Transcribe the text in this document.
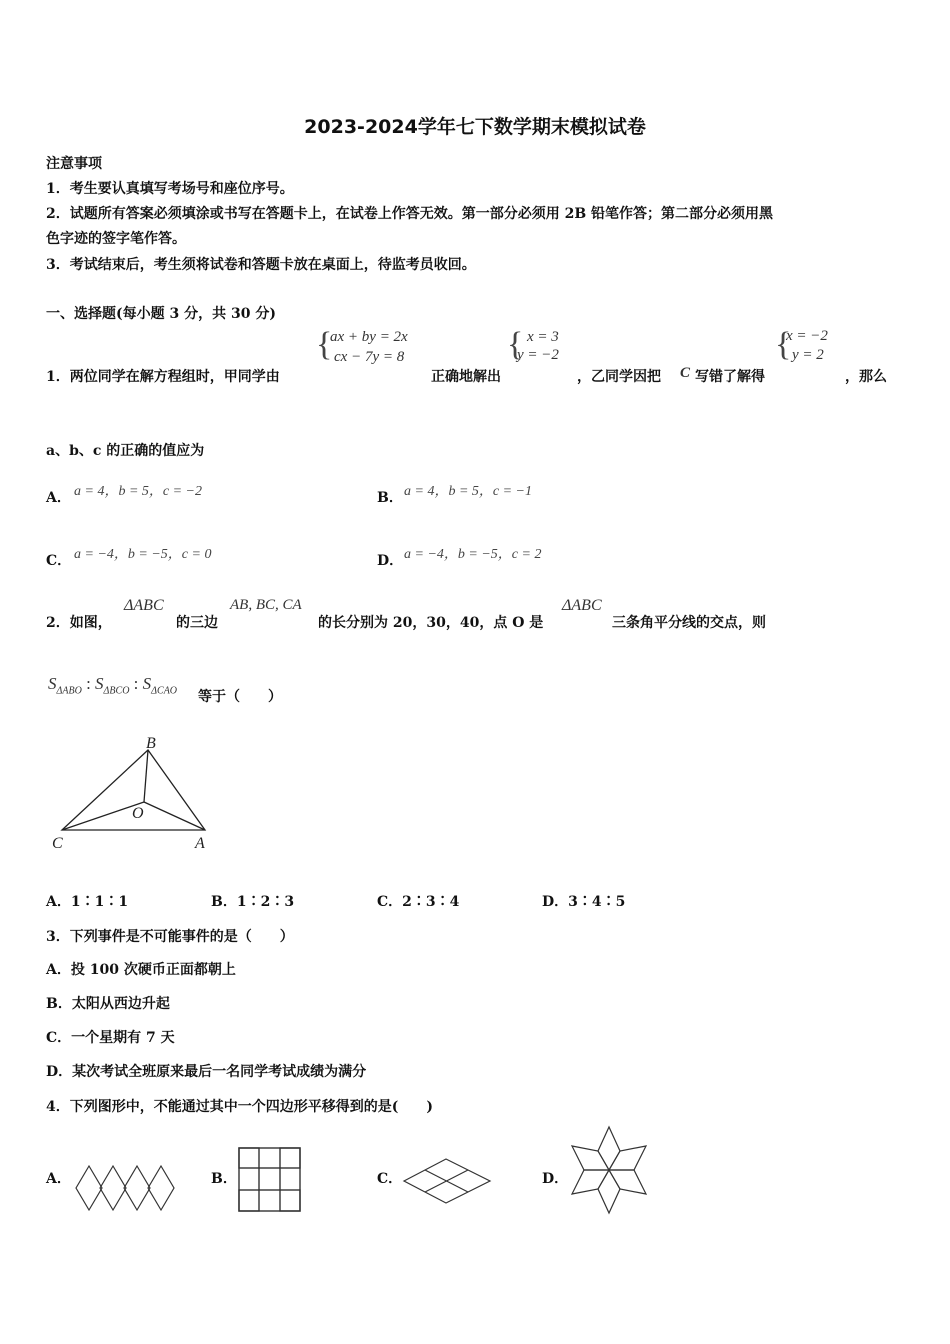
2023-2024学年七下数学期末模拟试卷
注意事项
1．考生要认真填写考场号和座位序号。
2．试题所有答案必须填涂或书写在答题卡上，在试卷上作答无效。第一部分必须用 2B 铅笔作答；第二部分必须用黑
色字迹的签字笔作答。
3．考试结束后，考生须将试卷和答题卡放在桌面上，待监考员收回。
一、选择题(每小题 3 分，共 30 分)
1．两位同学在解方程组时，甲同学由
{
ax + by = 2x
cx − 7y = 8
正确地解出
{ x = 3
y = −2
，乙同学因把 C 写错了解得
{
x = −2
y = 2
，那么
a、b、c 的正确的值应为
A． a = 4，b = 5，c = −2	B． a = 4，b = 5，c = −1
C． a = −4，b = −5，c = 0	D． a = −4，b = −5，c = 2
2．如图，
ΔABC
的三边
AB, BC, CA
的长分别为 20，30，40，点 O 是
ΔABC
三条角平分线的交点，则
$S_{\Delta ABO}$ : $S_{\Delta BCO}$ : $S_{\Delta CAO}$ 等于（　　）
B
O
C	A
A．1∶1∶1	B．1∶2∶3	C．2∶3∶4	D．3∶4∶5
3．下列事件是不可能事件的是（　　）
A．投 100 次硬币正面都朝上
B．太阳从西边升起
C．一个星期有 7 天
D．某次考试全班原来最后一名同学考试成绩为满分
4．下列图形中，不能通过其中一个四边形平移得到的是(　　)
A．	B．	C．	D．
